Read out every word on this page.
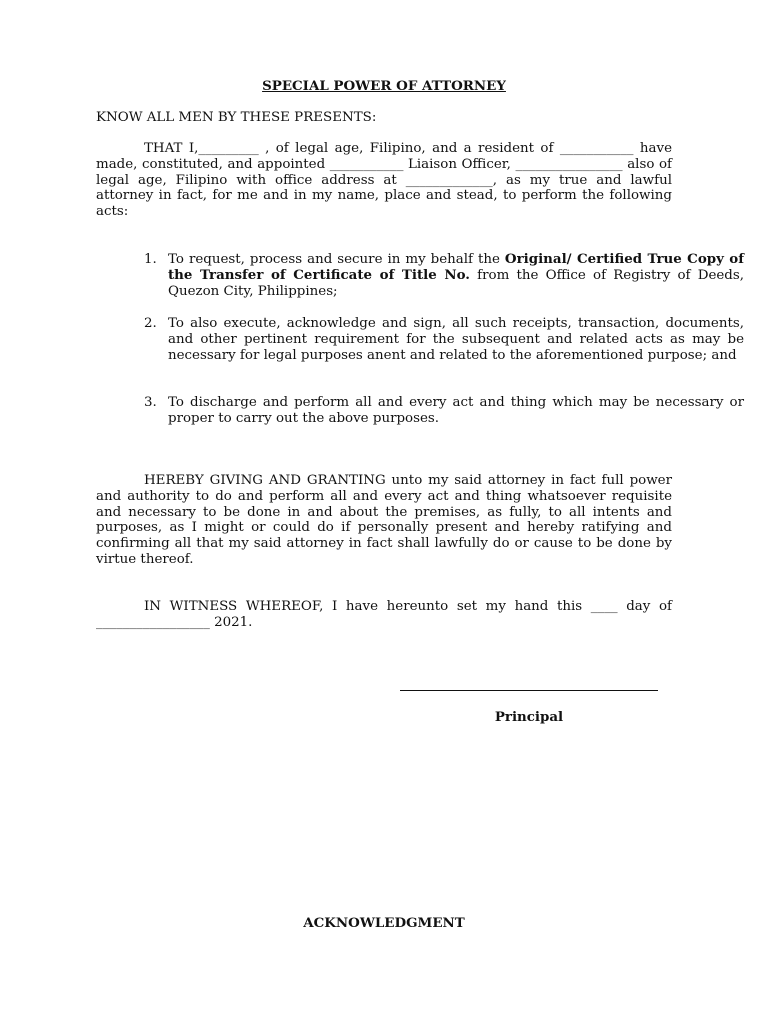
SPECIAL POWER OF ATTORNEY
KNOW ALL MEN BY THESE PRESENTS:
THAT I,_________ , of legal age, Filipino, and a resident of ___________ have made, constituted, and appointed ___________ Liaison Officer, ________________ also of legal age, Filipino with office address at _____________, as my true and lawful attorney in fact, for me and in my name, place and stead, to perform the following acts:
1. To request, process and secure in my behalf the Original/ Certified True Copy of the Transfer of Certificate of Title No. from the Office of Registry of Deeds, Quezon City, Philippines;
2. To also execute, acknowledge and sign, all such receipts, transaction, documents, and other pertinent requirement for the subsequent and related acts as may be necessary for legal purposes anent and related to the aforementioned purpose; and
3. To discharge and perform all and every act and thing which may be necessary or proper to carry out the above purposes.
HEREBY GIVING AND GRANTING unto my said attorney in fact full power and authority to do and perform all and every act and thing whatsoever requisite and necessary to be done in and about the premises, as fully, to all intents and purposes, as I might or could do if personally present and hereby ratifying and confirming all that my said attorney in fact shall lawfully do or cause to be done by virtue thereof.
IN WITNESS WHEREOF, I have hereunto set my hand this ____ day of _________________ 2021.
Principal
ACKNOWLEDGMENT
